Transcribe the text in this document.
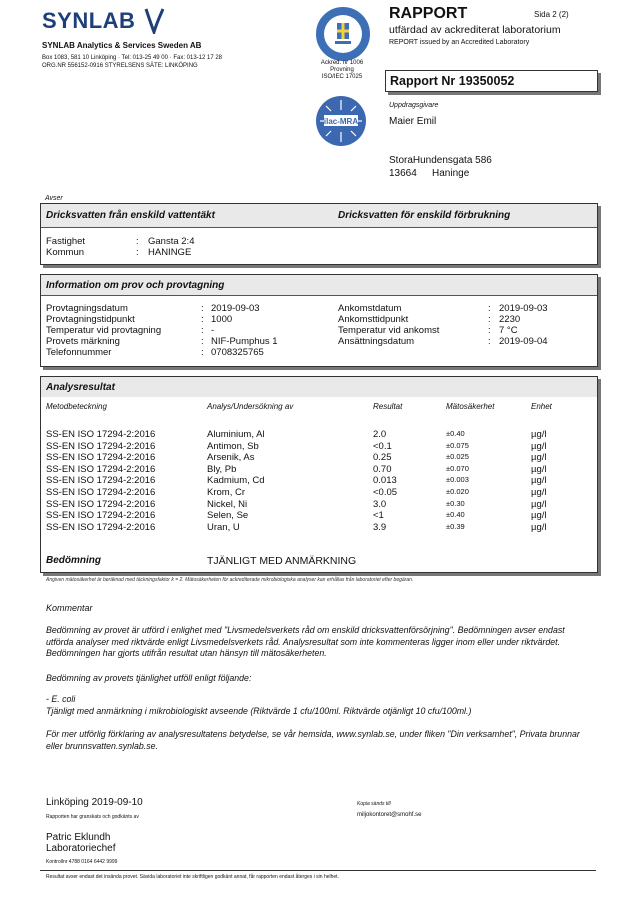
SYNLAB
SYNLAB Analytics & Services Sweden AB
Box 1083, 581 10 Linköping · Tel: 013-25 49 00 · Fax: 013-12 17 28
ORG.NR 556152-0916 STYRELSENS SÄTE: LINKÖPING	Ackred. nr 1006
Provning
ISO/IEC 17025
ilac-MRA
RAPPORT	Sida 2 (2)
utfärdad av ackrediterat laboratorium
REPORT issued by an Accredited Laboratory
Rapport Nr 19350052
Uppdragsgivare
Maier Emil
StoraHundensgata 586
13664 Haninge
Avser
Dricksvatten från enskild vattentäkt	Dricksvatten för enskild förbrukning
Fastighet	: Gansta 2:4
Kommun	: HANINGE
Information om prov och provtagning
Provtagningsdatum	: 2019-09-03
Provtagningstidpunkt	: 1000
Temperatur vid provtagning	: -
Provets märkning	: NIF-Pumphus 1
Telefonnummer	: 0708325765
Ankomstdatum	: 2019-09-03
Ankomsttidpunkt	: 2230
Temperatur vid ankomst	: 7 °C
Ansättningsdatum	: 2019-09-04
Analysresultat
Metodbeteckning	Analys/Undersökning av	Resultat	Mätosäkerhet	Enhet
SS-EN ISO 17294-2:2016	Aluminium, Al	2.0	±0.40	µg/l
SS-EN ISO 17294-2:2016	Antimon, Sb	<0.1	±0.075	µg/l
SS-EN ISO 17294-2:2016	Arsenik, As	0.25	±0.025	µg/l
SS-EN ISO 17294-2:2016	Bly, Pb	0.70	±0.070	µg/l
SS-EN ISO 17294-2:2016	Kadmium, Cd	0.013	±0.003	µg/l
SS-EN ISO 17294-2:2016	Krom, Cr	<0.05	±0.020	µg/l
SS-EN ISO 17294-2:2016	Nickel, Ni	3.0	±0.30	µg/l
SS-EN ISO 17294-2:2016	Selen, Se	<1	±0.40	µg/l
SS-EN ISO 17294-2:2016	Uran, U	3.9	±0.39	µg/l
Bedömning	TJÄNLIGT MED ANMÄRKNING
Angiven mätosäkerhet är beräknad med täckningsfaktor k = 2. Mätosäkerheten för ackrediterade mikrobiologiska analyser kan erhållas från laboratoriet efter begäran.
Kommentar
Bedömning av provet är utförd i enlighet med "Livsmedelsverkets råd om enskild dricksvattenförsörjning". Bedömningen avser endast utförda analyser med riktvärde enligt Livsmedelsverkets råd. Analysresultat som inte kommenteras ligger inom eller under riktvärdet. Bedömningen har gjorts utifrån resultat utan hänsyn till mätosäkerheten.
Bedömning av provets tjänlighet utföll enligt följande:
- E. coli
Tjänligt med anmärkning i mikrobiologiskt avseende (Riktvärde 1 cfu/100ml. Riktvärde otjänligt 10 cfu/100ml.)
För mer utförlig förklaring av analysresultatens betydelse, se vår hemsida, www.synlab.se, under fliken "Din verksamhet", Privata brunnar eller brunnsvatten.synlab.se.
Linköping 2019-09-10
Rapporten har granskats och godkänts av
Patric Eklundh
Laboratoriechef
Kontrollnr 4788 0164 6442 9999
Kopia sänds till
miljokontoret@smohf.se
Resultat avser endast det insända provet. Sävida laboratoriet inte skriftligen godkänt annat, får rapporten endast återges i sin helhet.
